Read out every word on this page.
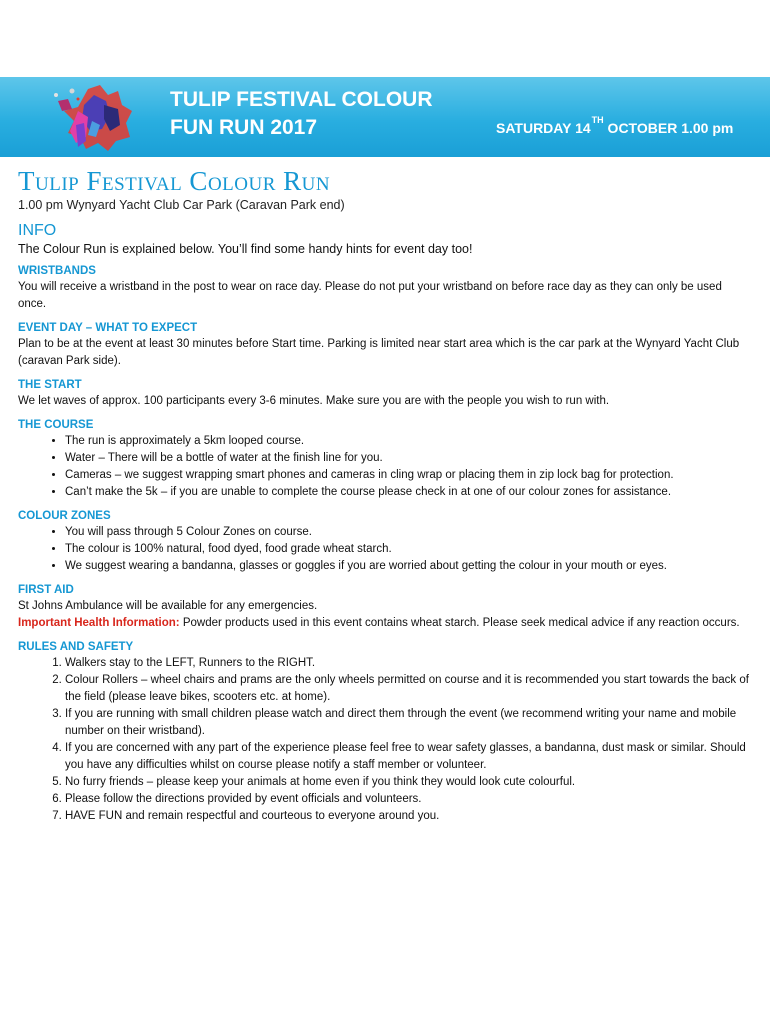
TULIP FESTIVAL COLOUR
FUN RUN 2017	SATURDAY 14TH OCTOBER 1.00 pm
Tulip Festival Colour Run

1.00 pm Wynyard Yacht Club Car Park (Caravan Park end)

INFO

The Colour Run is explained below. You’ll find some handy hints for event day too!

WRISTBANDS

You will receive a wristband in the post to wear on race day. Please do not put your wristband on before race day as they can only be used once.

EVENT DAY – WHAT TO EXPECT

Plan to be at the event at least 30 minutes before Start time. Parking is limited near start area which is the car park at the Wynyard Yacht Club (caravan Park side).

THE START

We let waves of approx. 100 participants every 3-6 minutes. Make sure you are with the people you wish to run with.

THE COURSE
• The run is approximately a 5km looped course.
• Water – There will be a bottle of water at the finish line for you.
• Cameras – we suggest wrapping smart phones and cameras in cling wrap or placing them in zip lock bag for protection.
• Can’t make the 5k – if you are unable to complete the course please check in at one of our colour zones for assistance.
COLOUR ZONES
• You will pass through 5 Colour Zones on course.
• The colour is 100% natural, food dyed, food grade wheat starch.
• We suggest wearing a bandanna, glasses or goggles if you are worried about getting the colour in your mouth or eyes.
FIRST AID

St Johns Ambulance will be available for any emergencies.

Important Health Information: Powder products used in this event contains wheat starch. Please seek medical advice if any reaction occurs.

RULES AND SAFETY
1. Walkers stay to the LEFT, Runners to the RIGHT.
2. Colour Rollers – wheel chairs and prams are the only wheels permitted on course and it is recommended you start towards the back of the field (please leave bikes, scooters etc. at home).
3. If you are running with small children please watch and direct them through the event (we recommend writing your name and mobile number on their wristband).
4. If you are concerned with any part of the experience please feel free to wear safety glasses, a bandanna, dust mask or similar. Should you have any difficulties whilst on course please notify a staff member or volunteer.
5. No furry friends – please keep your animals at home even if you think they would look cute colourful.
6. Please follow the directions provided by event officials and volunteers.
7. HAVE FUN and remain respectful and courteous to everyone around you.
